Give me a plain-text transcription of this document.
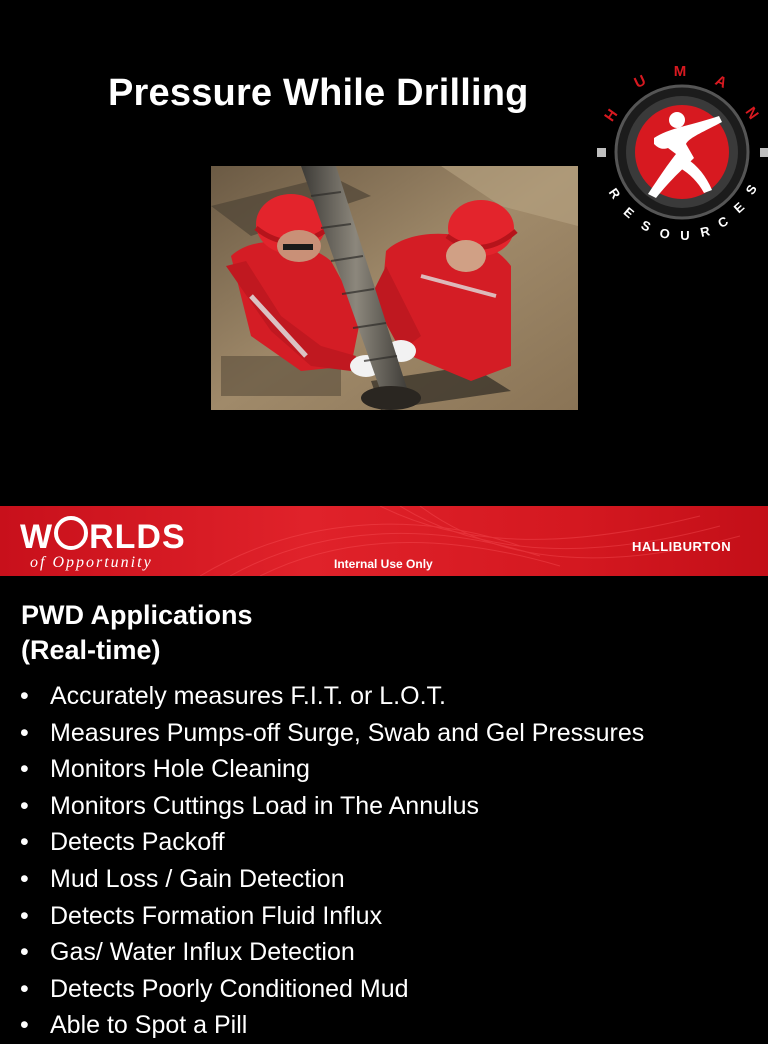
Pressure While Drilling
H
U
M
A
N
R
E
S O U R
C
E
S
W RLDS
of Opportunity	Internal Use Only
HALLIBURTON
PWD Applications
(Real-time)
• Accurately measures F.I.T. or L.O.T.
• Measures Pumps-off Surge, Swab and Gel Pressures
• Monitors Hole Cleaning
• Monitors Cuttings Load in The Annulus
• Detects Packoff
• Mud Loss / Gain Detection
• Detects Formation Fluid Influx
• Gas/ Water Influx Detection
• Detects Poorly Conditioned Mud
• Able to Spot a Pill
